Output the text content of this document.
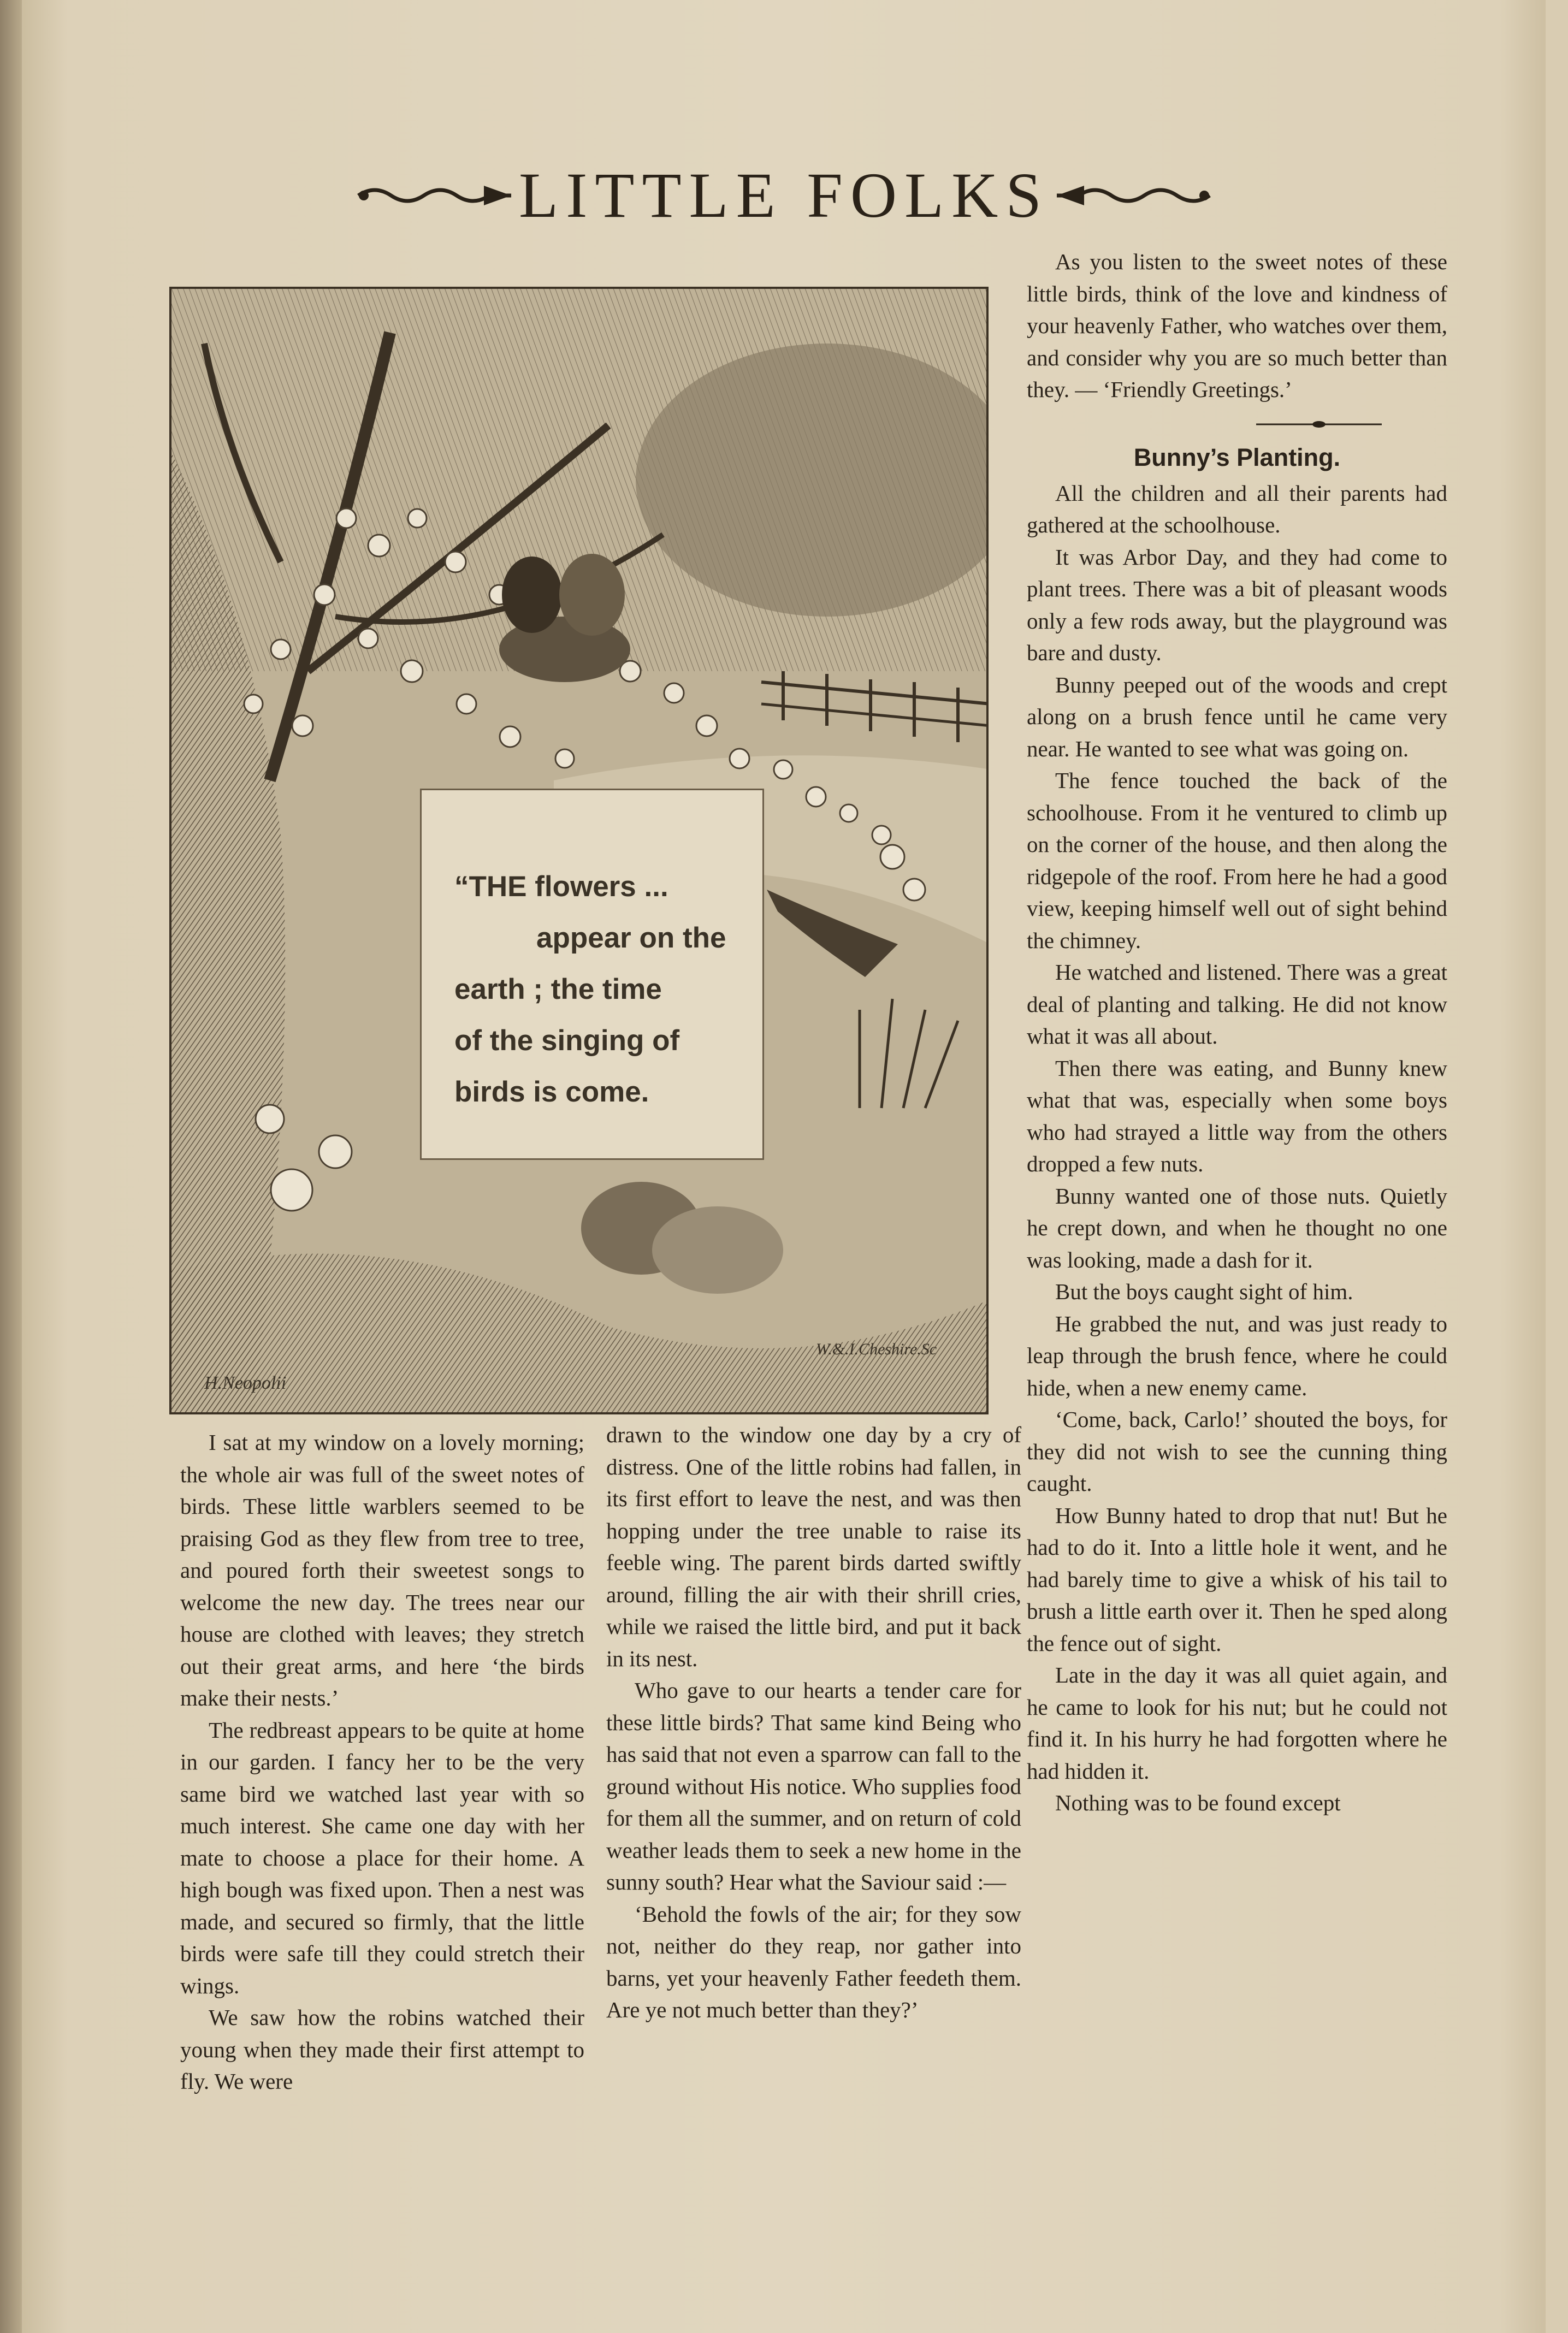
LITTLE FOLKS
“THE flowers ...
appear on the
earth ; the time
of the singing of
birds is come.
H.Neopolii
W.&.I.Cheshire.Sc

I sat at my window on a lovely morning; the whole air was full of the sweet notes of birds. These little warblers seemed to be praising God as they flew from tree to tree, and poured forth their sweetest songs to welcome the new day. The trees near our house are clothed with leaves; they stretch out their great arms, and here ‘the birds make their nests.’

The redbreast appears to be quite at home in our garden. I fancy her to be the very same bird we watched last year with so much interest. She came one day with her mate to choose a place for their home. A high bough was fixed upon. Then a nest was made, and secured so firmly, that the little birds were safe till they could stretch their wings.

We saw how the robins watched their young when they made their first attempt to fly. We were

drawn to the window one day by a cry of distress. One of the little robins had fallen, in its first effort to leave the nest, and was then hopping under the tree unable to raise its feeble wing. The parent birds darted swiftly around, filling the air with their shrill cries, while we raised the little bird, and put it back in its nest.

Who gave to our hearts a tender care for these little birds? That same kind Being who has said that not even a sparrow can fall to the ground without His notice. Who supplies food for them all the summer, and on return of cold weather leads them to seek a new home in the sunny south? Hear what the Saviour said :—

‘Behold the fowls of the air; for they sow not, neither do they reap, nor gather into barns, yet your heavenly Father feedeth them. Are ye not much better than they?’

As you listen to the sweet notes of these little birds, think of the love and kindness of your heavenly Father, who watches over them, and consider why you are so much better than they. — ‘Friendly Greetings.’

Bunny’s Planting.

All the children and all their parents had gathered at the schoolhouse.

It was Arbor Day, and they had come to plant trees. There was a bit of pleasant woods only a few rods away, but the playground was bare and dusty.

Bunny peeped out of the woods and crept along on a brush fence until he came very near. He wanted to see what was going on.

The fence touched the back of the schoolhouse. From it he ventured to climb up on the corner of the house, and then along the ridgepole of the roof. From here he had a good view, keeping himself well out of sight behind the chimney.

He watched and listened. There was a great deal of planting and talking. He did not know what it was all about.

Then there was eating, and Bunny knew what that was, especially when some boys who had strayed a little way from the others dropped a few nuts.

Bunny wanted one of those nuts. Quietly he crept down, and when he thought no one was looking, made a dash for it.

But the boys caught sight of him.

He grabbed the nut, and was just ready to leap through the brush fence, where he could hide, when a new enemy came.

‘Come, back, Carlo!’ shouted the boys, for they did not wish to see the cunning thing caught.

How Bunny hated to drop that nut! But he had to do it. Into a little hole it went, and he had barely time to give a whisk of his tail to brush a little earth over it. Then he sped along the fence out of sight.

Late in the day it was all quiet again, and he came to look for his nut; but he could not find it. In his hurry he had forgotten where he had hidden it.

Nothing was to be found except
